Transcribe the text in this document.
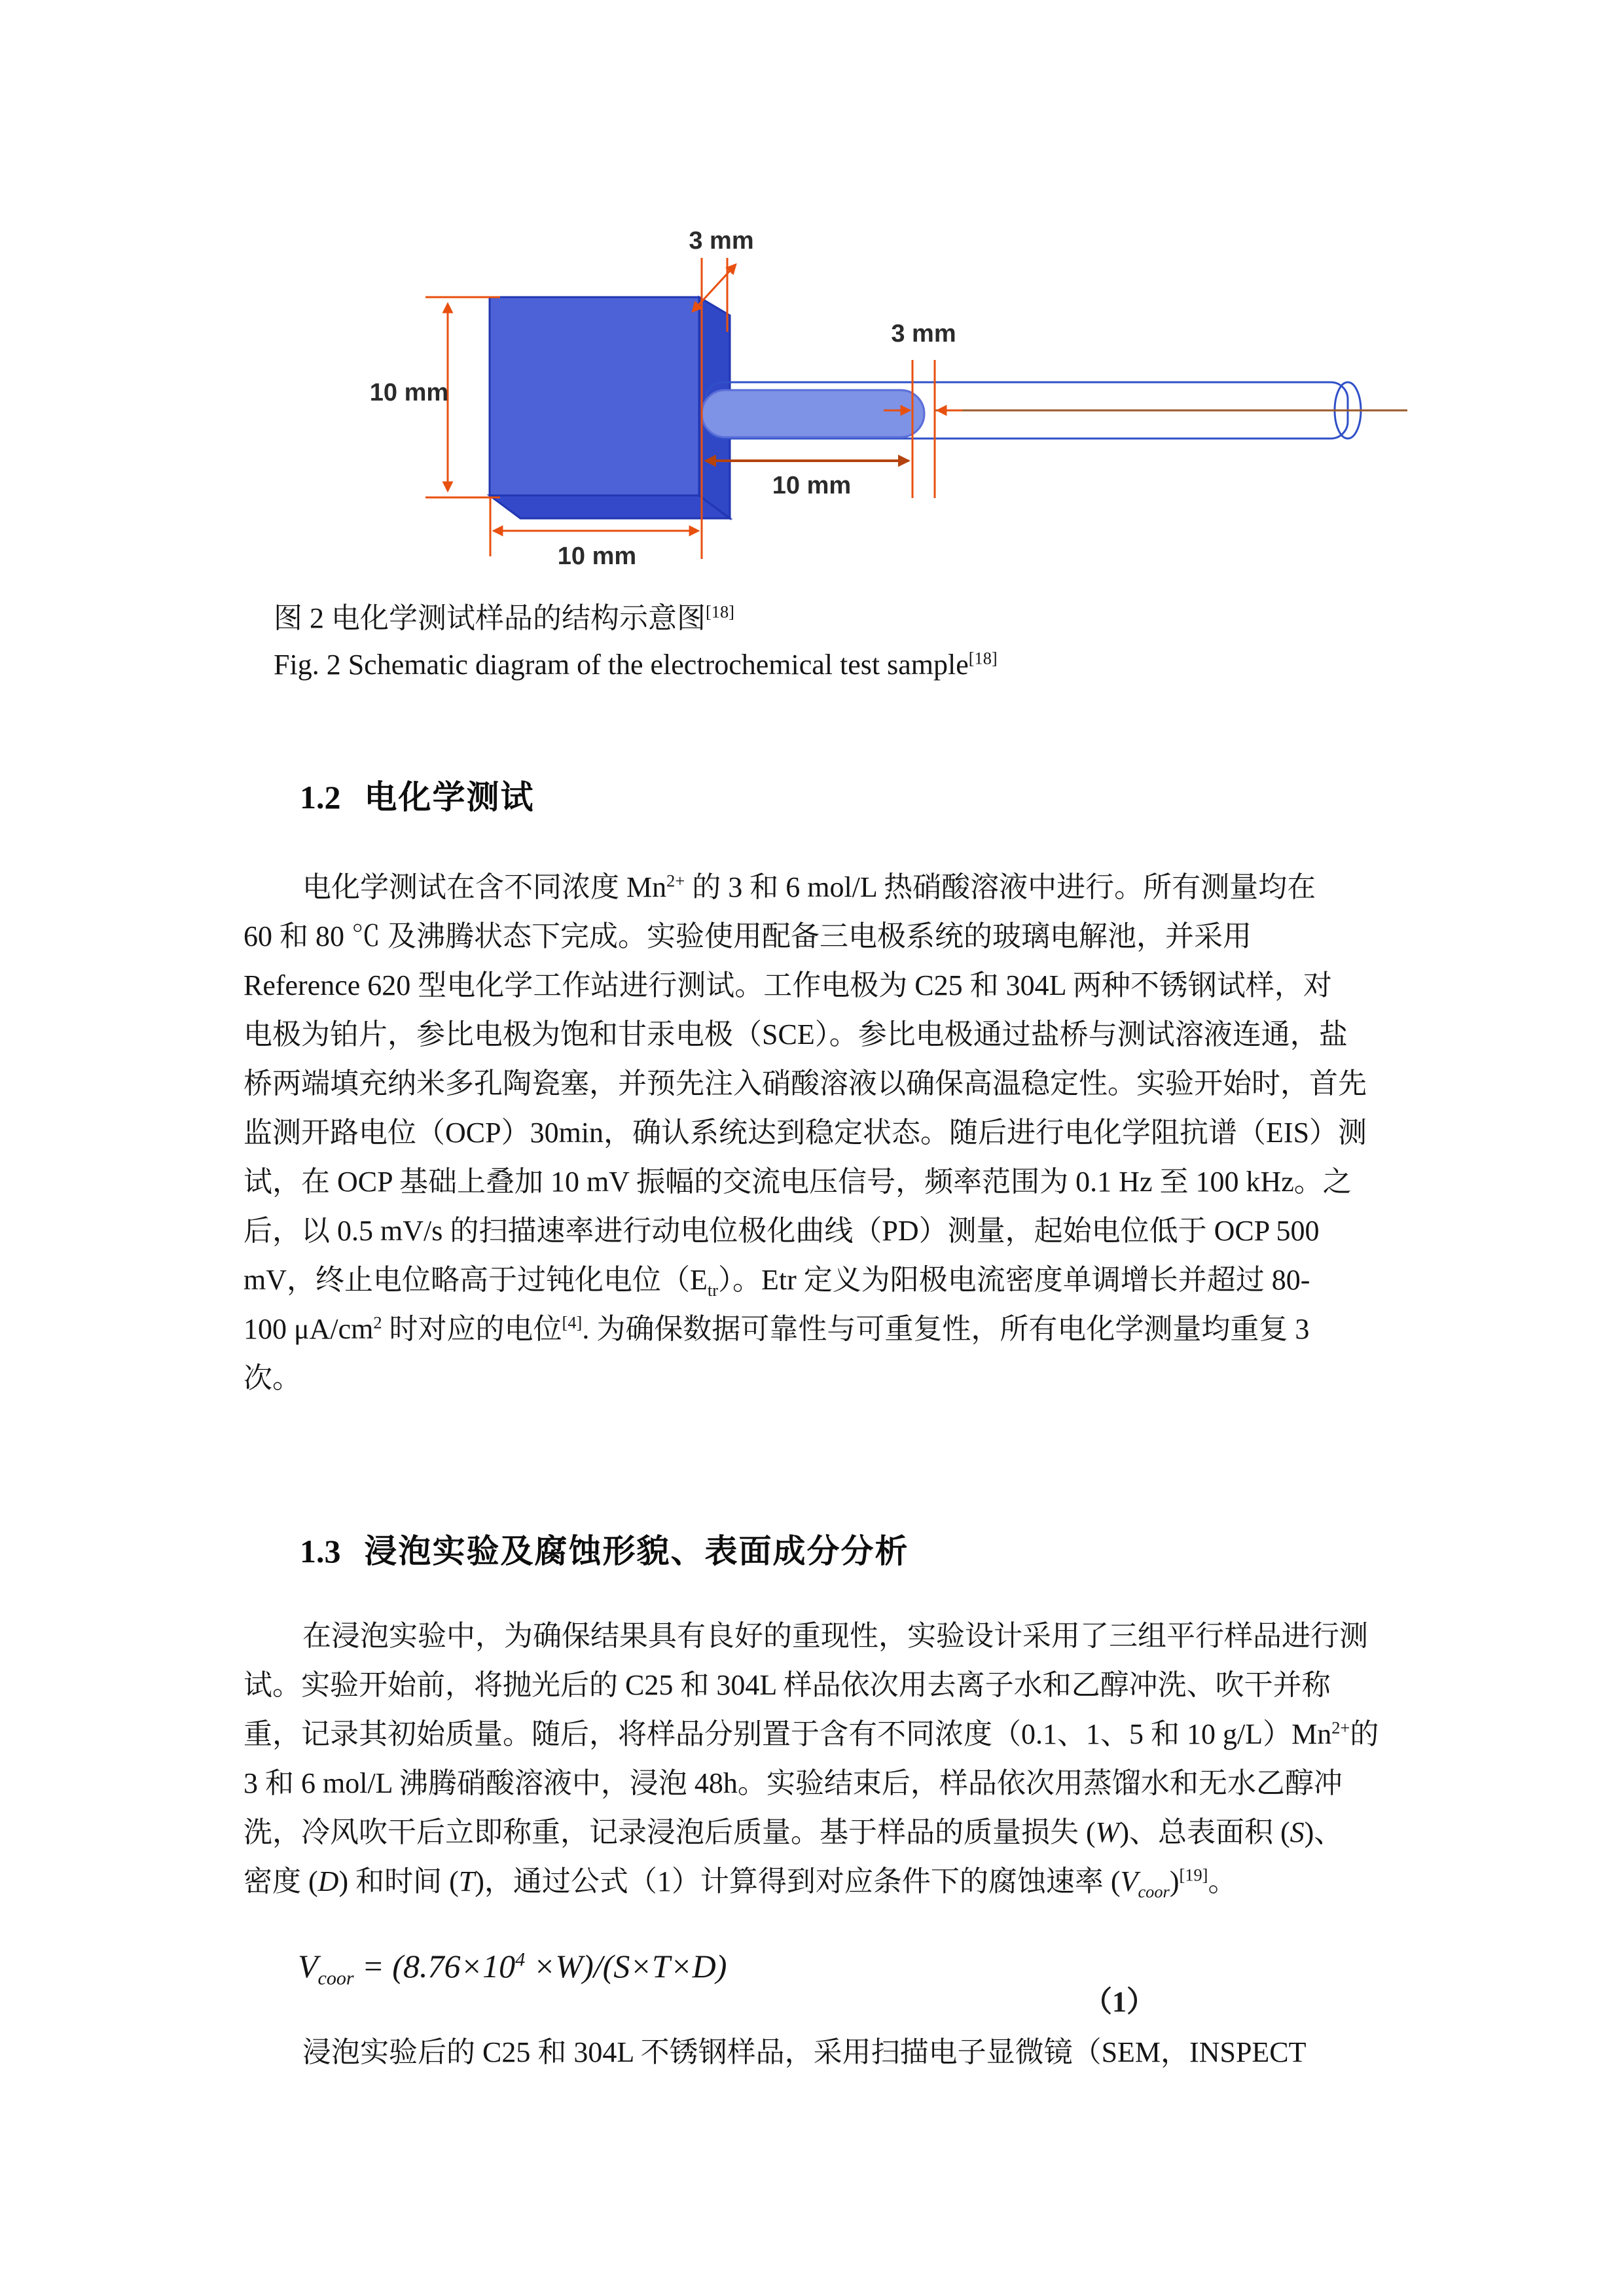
3 mm
10 mm
3 mm
10 mm
10 mm
图 2 电化学测试样品的结构示意图[18]
Fig. 2 Schematic diagram of the electrochemical test sample[18]
1.2 电化学测试
电化学测试在含不同浓度 $Mn^{2+}$ 的 3 和 6 mol/L 热硝酸溶液中进行。所有测量均在
60 和 80 ℃ 及沸腾状态下完成。实验使用配备三电极系统的玻璃电解池，并采用
Reference 620 型电化学工作站进行测试。工作电极为 C25 和 304L 两种不锈钢试样，对
电极为铂片，参比电极为饱和甘汞电极（SCE）。参比电极通过盐桥与测试溶液连通，盐
桥两端填充纳米多孔陶瓷塞，并预先注入硝酸溶液以确保高温稳定性。实验开始时，首先
监测开路电位（OCP）30min，确认系统达到稳定状态。随后进行电化学阻抗谱（EIS）测
试，在 OCP 基础上叠加 10 mV 振幅的交流电压信号，频率范围为 0.1 Hz 至 100 kHz。之
后，以 0.5 mV/s 的扫描速率进行动电位极化曲线（PD）测量，起始电位低于 OCP 500
mV，终止电位略高于过钝化电位$(E_{tr})$。Etr 定义为阳极电流密度单调增长并超过 80-
100 $\mu A/cm^2$ 时对应的电位[4]. 为确保数据可靠性与可重复性，所有电化学测量均重复 3
次。
1.3 浸泡实验及腐蚀形貌、表面成分分析
在浸泡实验中，为确保结果具有良好的重现性，实验设计采用了三组平行样品进行测
试。实验开始前，将抛光后的 C25 和 304L 样品依次用去离子水和乙醇冲洗、吹干并称
重，记录其初始质量。随后，将样品分别置于含有不同浓度（0.1、1、5 和 10 $g/L)Mn^{2+}$的
3 和 6 mol/L 沸腾硝酸溶液中，浸泡 48h。实验结束后，样品依次用蒸馏水和无水乙醇冲
洗，冷风吹干后立即称重，记录浸泡后质量。基于样品的质量损失 (W)、总表面积 (S)、
密度 (D) 和时间 (T)，通过公式（1）计算得到对应条件下的腐蚀速率 $(V_{coor})[19]$。
$V_{coor} = (8.76\times 10^4 \times W)/(S\times T\times D)$
（1）
浸泡实验后的 C25 和 304L 不锈钢样品，采用扫描电子显微镜（SEM，INSPECT
